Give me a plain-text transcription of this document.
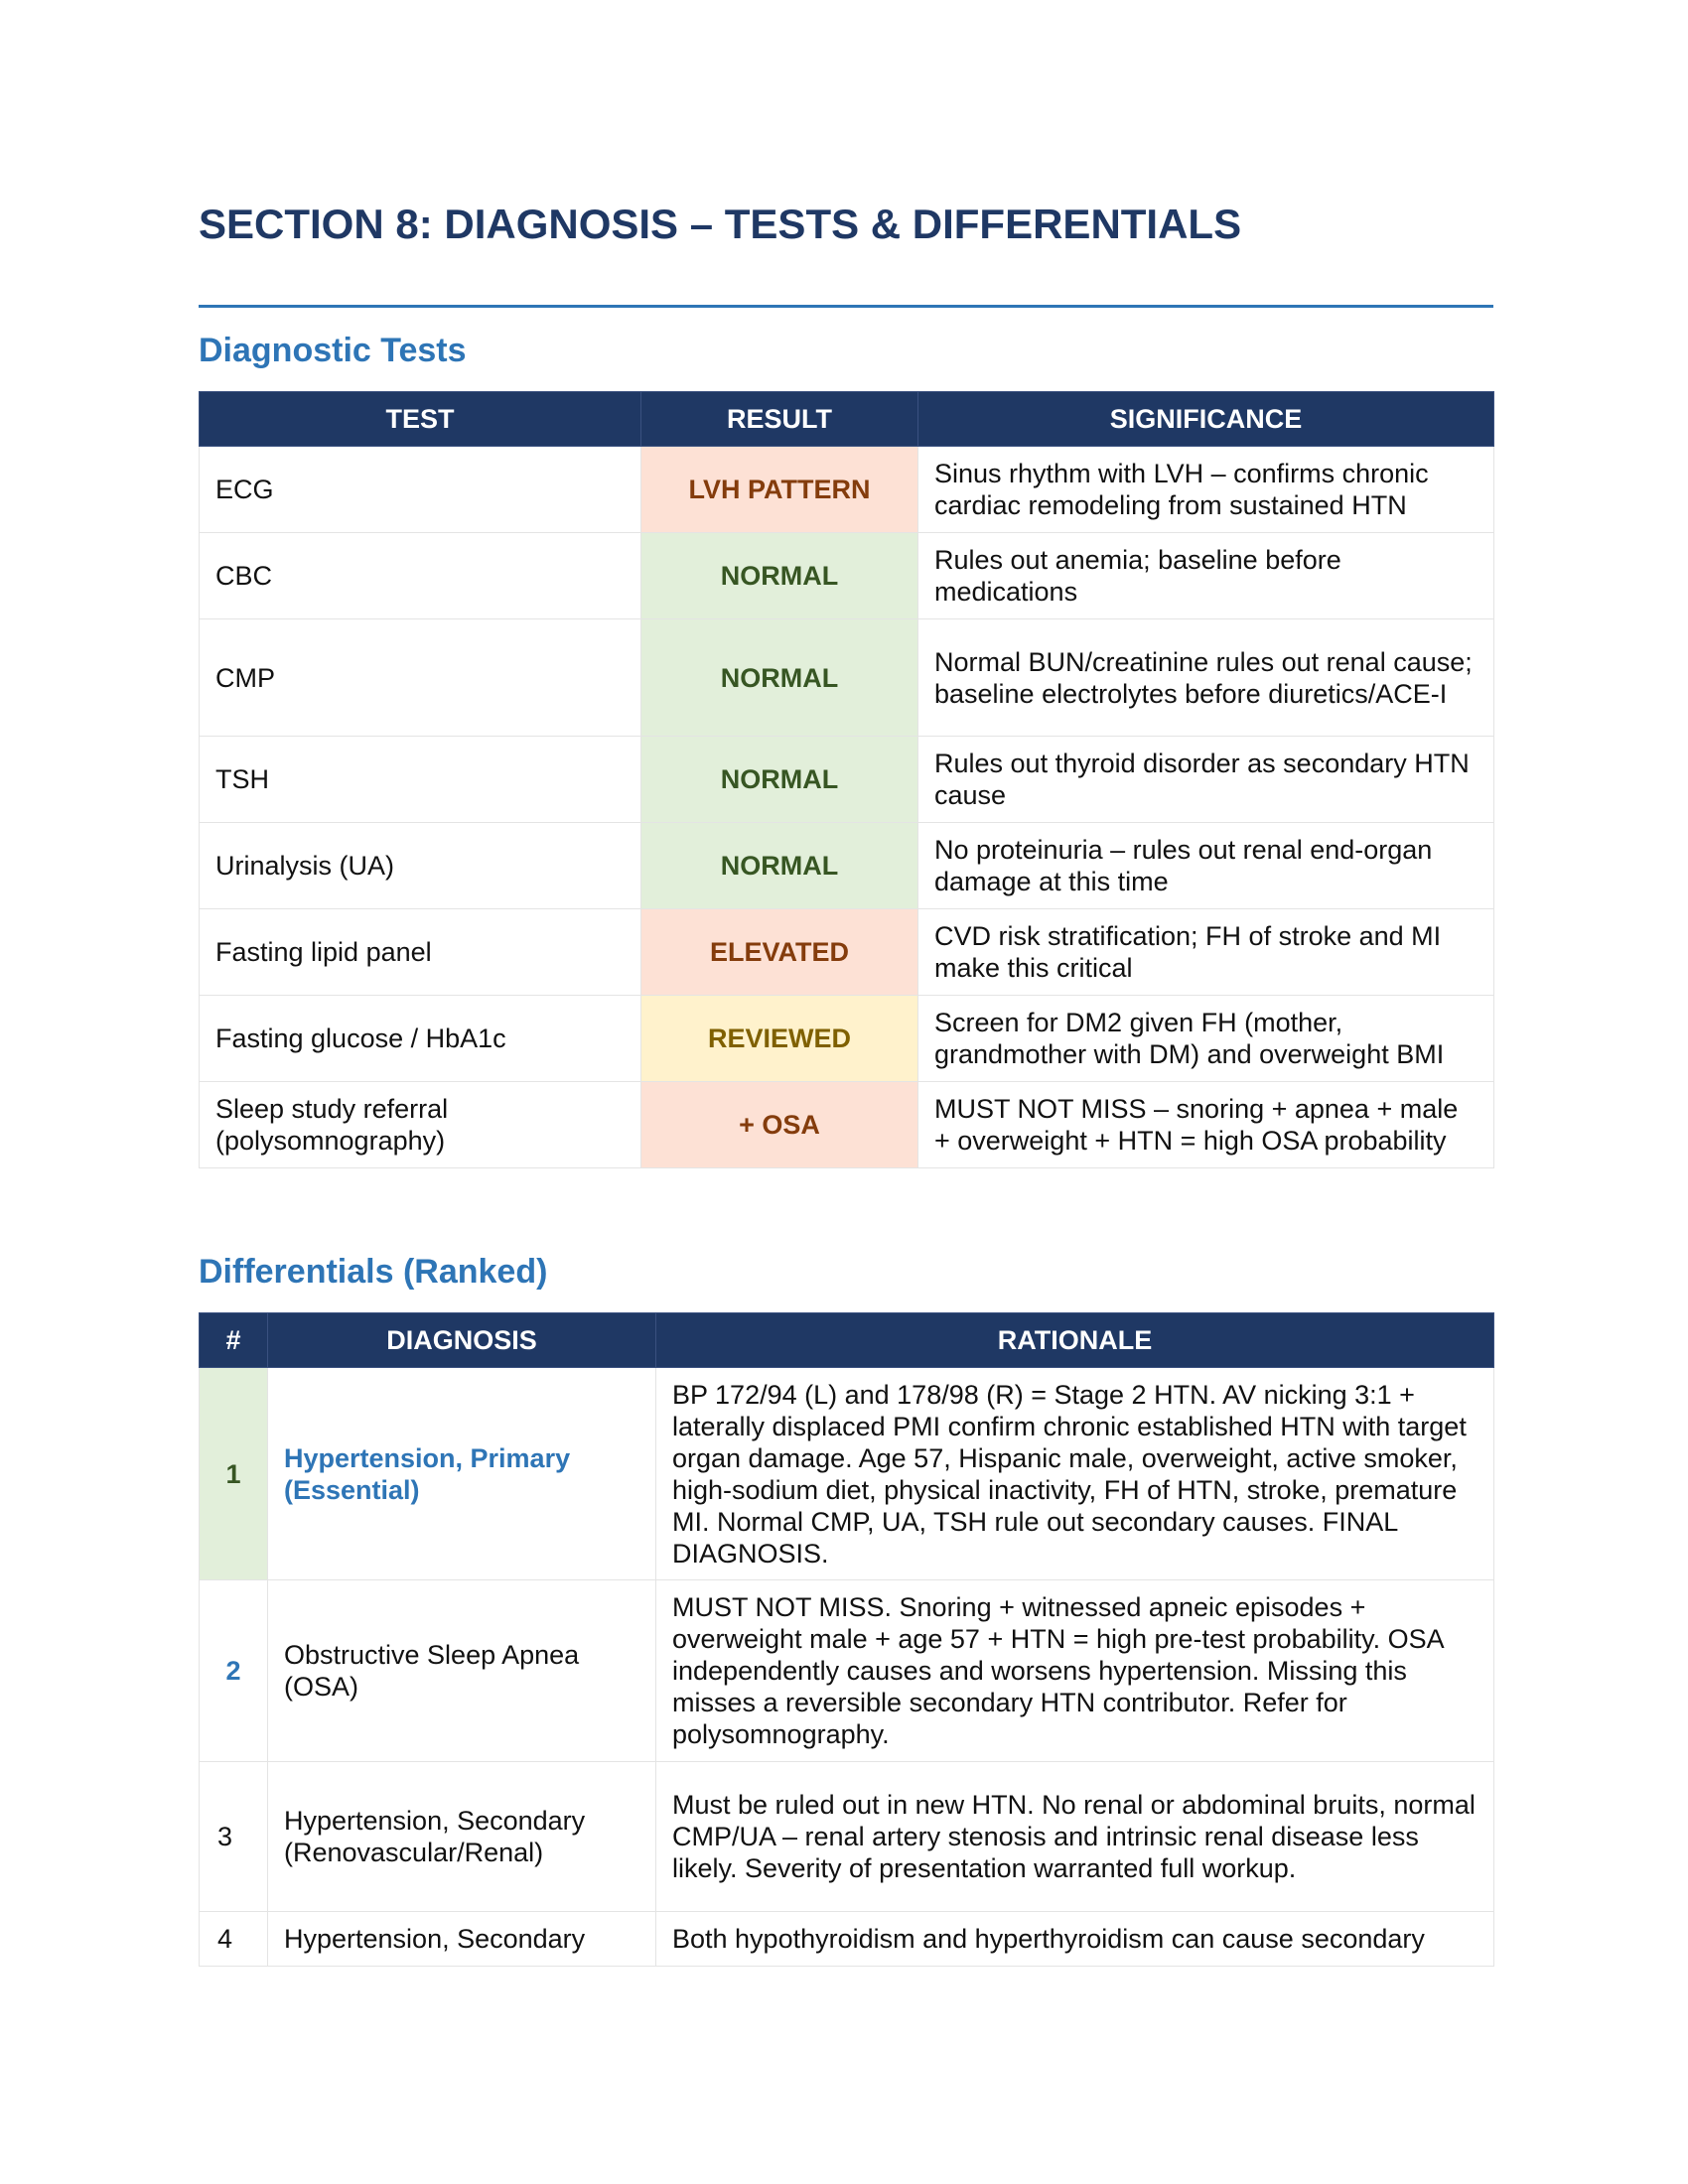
SECTION 8: DIAGNOSIS – TESTS & DIFFERENTIALS
Diagnostic Tests
TEST	RESULT	SIGNIFICANCE
ECG	LVH PATTERN	Sinus rhythm with LVH – confirms chronic cardiac remodeling from sustained HTN
CBC	NORMAL	Rules out anemia; baseline before medications
CMP	NORMAL	Normal BUN/creatinine rules out renal cause; baseline electrolytes before diuretics/ACE-I
TSH	NORMAL	Rules out thyroid disorder as secondary HTN cause
Urinalysis (UA)	NORMAL	No proteinuria – rules out renal end-organ damage at this time
Fasting lipid panel	ELEVATED	CVD risk stratification; FH of stroke and MI make this critical
Fasting glucose / HbA1c	REVIEWED	Screen for DM2 given FH (mother, grandmother with DM) and overweight BMI
Sleep study referral (polysomnography)	+ OSA	MUST NOT MISS – snoring + apnea + male + overweight + HTN = high OSA probability
Differentials (Ranked)
#	DIAGNOSIS	RATIONALE
1	Hypertension, Primary (Essential)	BP 172/94 (L) and 178/98 (R) = Stage 2 HTN. AV nicking 3:1 + laterally displaced PMI confirm chronic established HTN with target organ damage. Age 57, Hispanic male, overweight, active smoker, high-sodium diet, physical inactivity, FH of HTN, stroke, premature MI. Normal CMP, UA, TSH rule out secondary causes. FINAL DIAGNOSIS.
2	Obstructive Sleep Apnea (OSA)	MUST NOT MISS. Snoring + witnessed apneic episodes + overweight male + age 57 + HTN = high pre-test probability. OSA independently causes and worsens hypertension. Missing this misses a reversible secondary HTN contributor. Refer for polysomnography.
3	Hypertension, Secondary (Renovascular/Renal)	Must be ruled out in new HTN. No renal or abdominal bruits, normal CMP/UA – renal artery stenosis and intrinsic renal disease less likely. Severity of presentation warranted full workup.
4	Hypertension, Secondary	Both hypothyroidism and hyperthyroidism can cause secondary
